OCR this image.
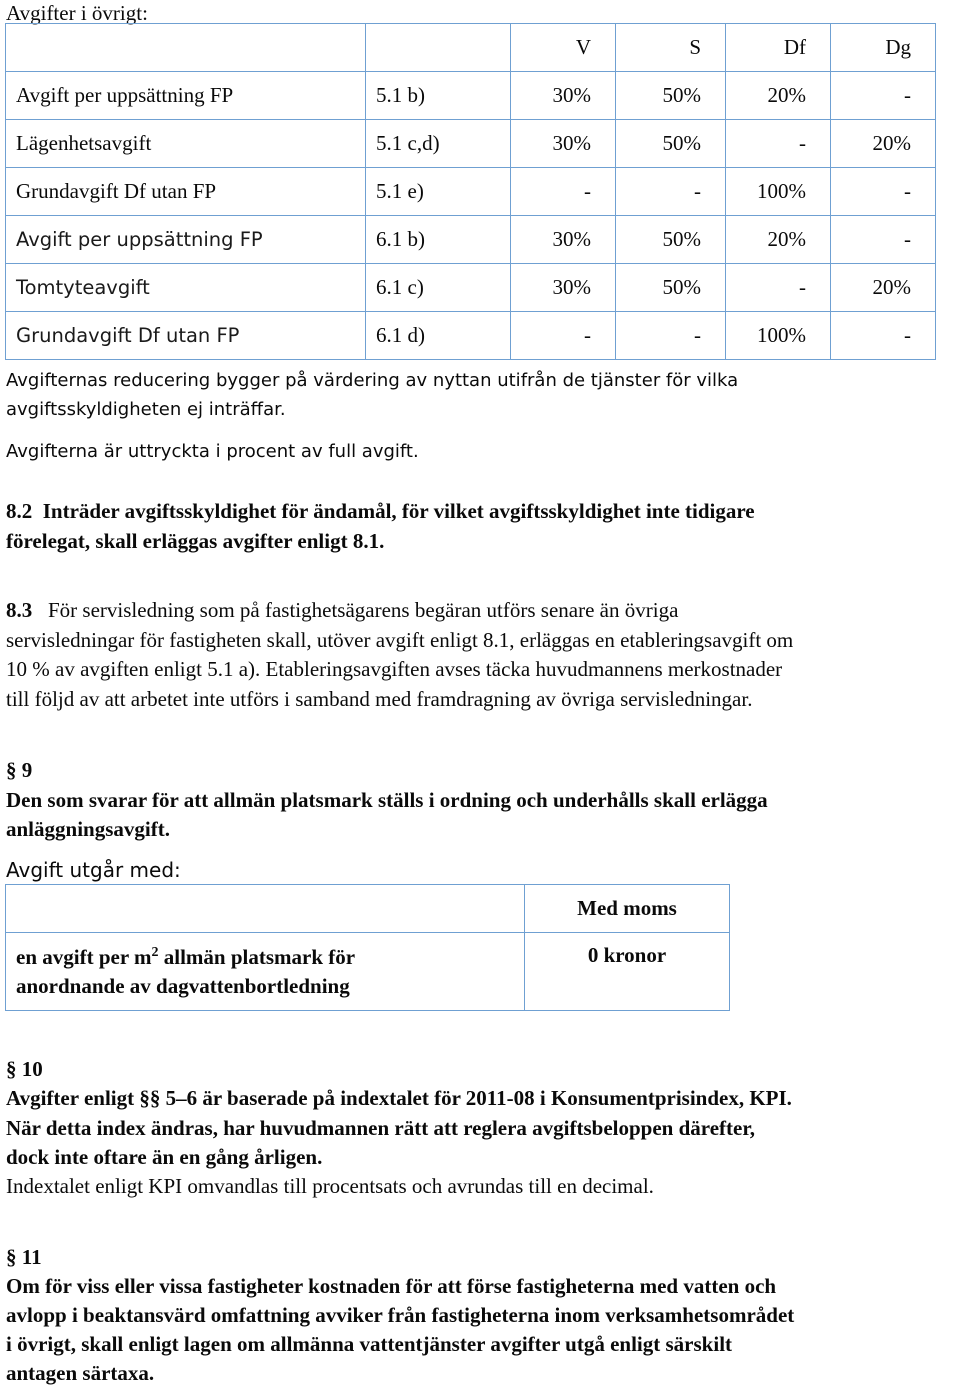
Avgifter i övrigt:

		V	S	Df	Dg
Avgift per uppsättning FP	5.1 b)	30%	50%	20%	-
Lägenhetsavgift	5.1 c,d)	30%	50%	-	20%
Grundavgift Df utan FP	5.1 e)	-	-	100%	-
Avgift per uppsättning FP	6.1 b)	30%	50%	20%	-
Tomtyteavgift	6.1 c)	30%	50%	-	20%
Grundavgift Df utan FP	6.1 d)	-	-	100%	-

Avgifternas reducering bygger på värdering av nyttan utifrån de tjänster för vilka

avgiftsskyldigheten ej inträffar.

Avgifterna är uttryckta i procent av full avgift.

8.2 Inträder avgiftsskyldighet för ändamål, för vilket avgiftsskyldighet inte tidigare

förelegat, skall erläggas avgifter enligt 8.1.

8.3 För servisledning som på fastighetsägarens begäran utförs senare än övriga

servisledningar för fastigheten skall, utöver avgift enligt 8.1, erläggas en etableringsavgift om

10 % av avgiften enligt 5.1 a). Etableringsavgiften avses täcka huvudmannens merkostnader

till följd av att arbetet inte utförs i samband med framdragning av övriga servisledningar.

§ 9

Den som svarar för att allmän platsmark ställs i ordning och underhålls skall erlägga

anläggningsavgift.

Avgift utgår med:

	Med moms
en avgift per $m^2$ allmän platsmark för
anordnande av dagvattenbortledning	0 kronor

§ 10

Avgifter enligt §§ 5–6 är baserade på indextalet för 2011-08 i Konsumentprisindex, KPI.

När detta index ändras, har huvudmannen rätt att reglera avgiftsbeloppen därefter,

dock inte oftare än en gång årligen.

Indextalet enligt KPI omvandlas till procentsats och avrundas till en decimal.

§ 11

Om för viss eller vissa fastigheter kostnaden för att förse fastigheterna med vatten och

avlopp i beaktansvärd omfattning avviker från fastigheterna inom verksamhetsområdet

i övrigt, skall enligt lagen om allmänna vattentjänster avgifter utgå enligt särskilt

antagen särtaxa.
